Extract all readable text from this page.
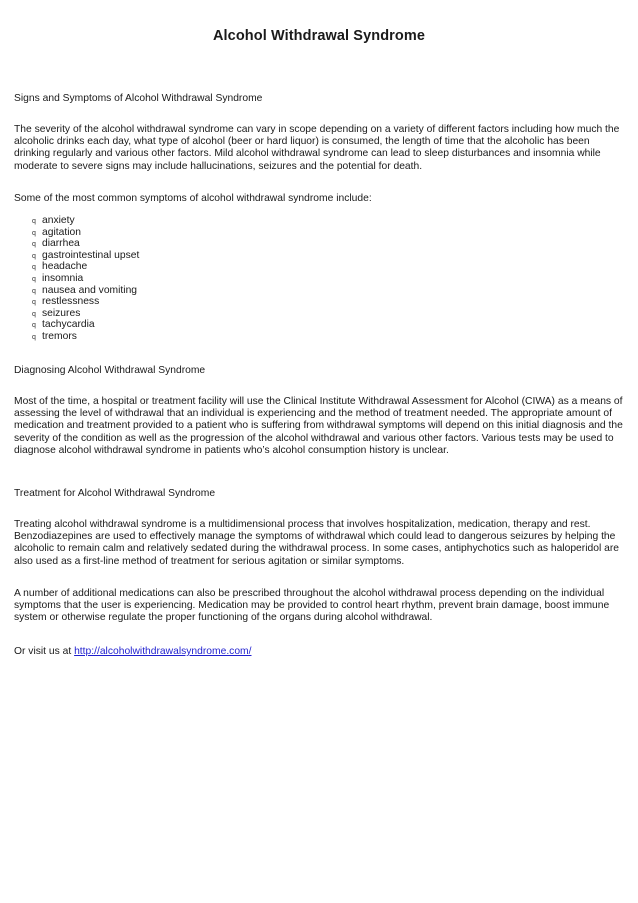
Alcohol Withdrawal Syndrome

Signs and Symptoms of Alcohol Withdrawal Syndrome

The severity of the alcohol withdrawal syndrome can vary in scope depending on a variety of different factors including how much the alcoholic drinks each day, what type of alcohol (beer or hard liquor) is consumed, the length of time that the alcoholic has been drinking regularly and various other factors. Mild alcohol withdrawal syndrome can lead to sleep disturbances and insomnia while moderate to severe signs may include hallucinations, seizures and the potential for death.

Some of the most common symptoms of alcohol withdrawal syndrome include:

q anxiety
q agitation
q diarrhea
q gastrointestinal upset
q headache
q insomnia
q nausea and vomiting
q restlessness
q seizures
q tachycardia
q tremors

Diagnosing Alcohol Withdrawal Syndrome

Most of the time, a hospital or treatment facility will use the Clinical Institute Withdrawal Assessment for Alcohol (CIWA) as a means of assessing the level of withdrawal that an individual is experiencing and the method of treatment needed. The appropriate amount of medication and treatment provided to a patient who is suffering from withdrawal symptoms will depend on this initial diagnosis and the severity of the condition as well as the progression of the alcohol withdrawal and various other factors. Various tests may be used to diagnose alcohol withdrawal syndrome in patients who’s alcohol consumption history is unclear.

Treatment for Alcohol Withdrawal Syndrome

Treating alcohol withdrawal syndrome is a multidimensional process that involves hospitalization, medication, therapy and rest. Benzodiazepines are used to effectively manage the symptoms of withdrawal which could lead to dangerous seizures by helping the alcoholic to remain calm and relatively sedated during the withdrawal process. In some cases, antiphychotics such as haloperidol are also used as a first-line method of treatment for serious agitation or similar symptoms.

A number of additional medications can also be prescribed throughout the alcohol withdrawal process depending on the individual symptoms that the user is experiencing. Medication may be provided to control heart rhythm, prevent brain damage, boost immune system or otherwise regulate the proper functioning of the organs during alcohol withdrawal.

Or visit us at http://alcoholwithdrawalsyndrome.com/
